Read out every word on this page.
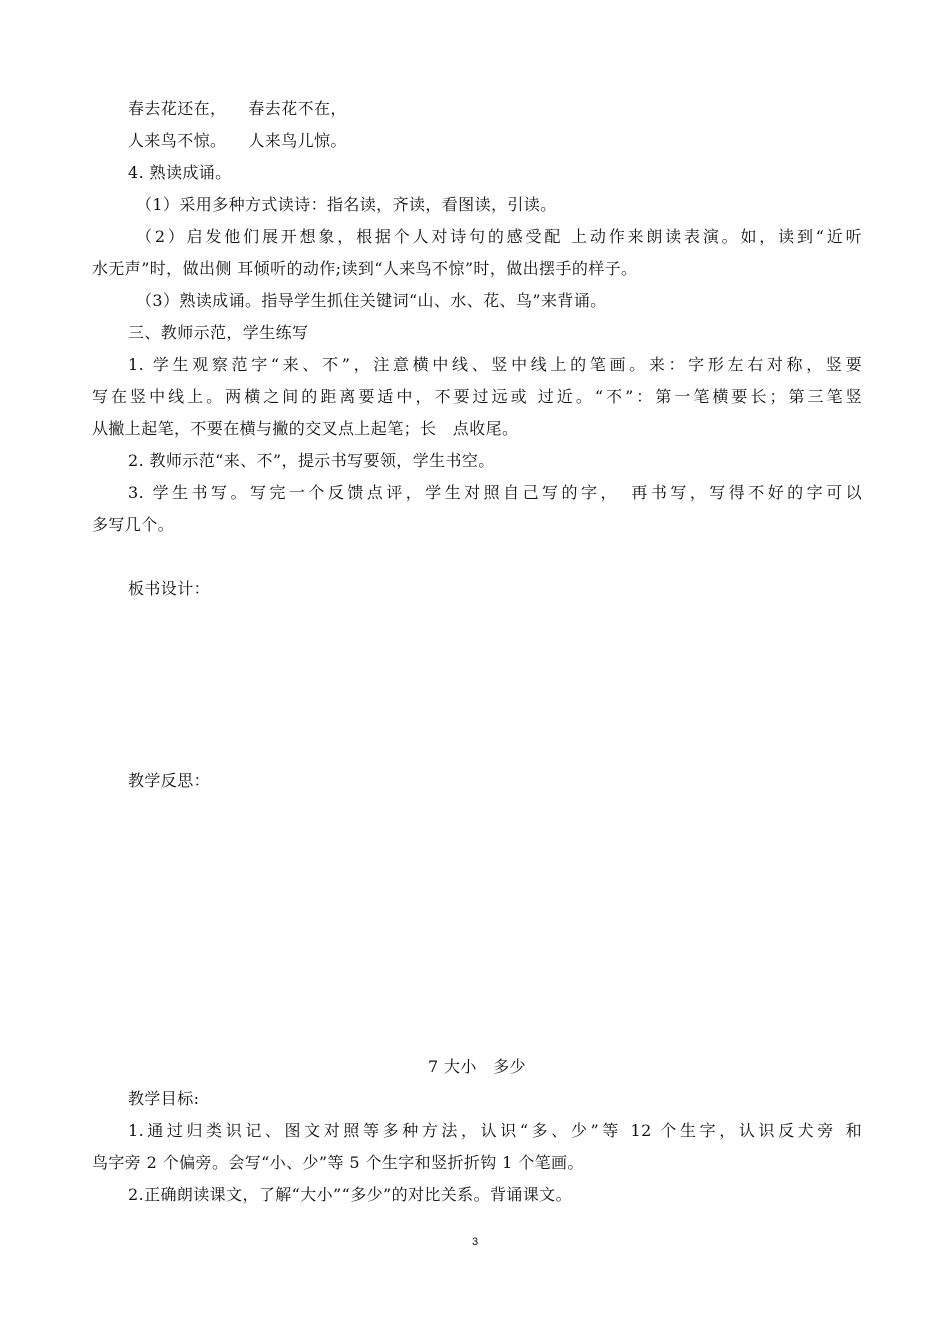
春去花还在， 春去花不在，
人来鸟不惊。 人来鸟儿惊。
4. 熟读成诵。
（1）采用多种方式读诗：指名读，齐读，看图读，引读。
（2）启发他们展开想象，根据个人对诗句的感受配 上动作来朗读表演。如，读到“近听
水无声”时，做出侧 耳倾听的动作;读到“人来鸟不惊”时，做出摆手的样子。
（3）熟读成诵。指导学生抓住关键词“山、水、花、鸟”来背诵。
三、教师示范，学生练写
1. 学生观察范字“来、不”，注意横中线、竖中线上的笔画。来：字形左右对称，竖要
写在竖中线上。两横之间的距离要适中，不要过远或 过近。“不”：第一笔横要长；第三笔竖
从撇上起笔，不要在横与撇的交叉点上起笔；长　点收尾。
2. 教师示范“来、不”，提示书写要领，学生书空。
3. 学生书写。写完一个反馈点评，学生对照自己写的字，　再书写，写得不好的字可以
多写几个。
板书设计：
教学反思：
7 大小　多少
教学目标:
1.通过归类识记、图文对照等多种方法，认识“多、少”等 12 个生字，认识反犬旁 和
鸟字旁 2 个偏旁。会写“小、少”等 5 个生字和竖折折钩 1 个笔画。
2.正确朗读课文，了解“大小”“多少”的对比关系。背诵课文。
3
